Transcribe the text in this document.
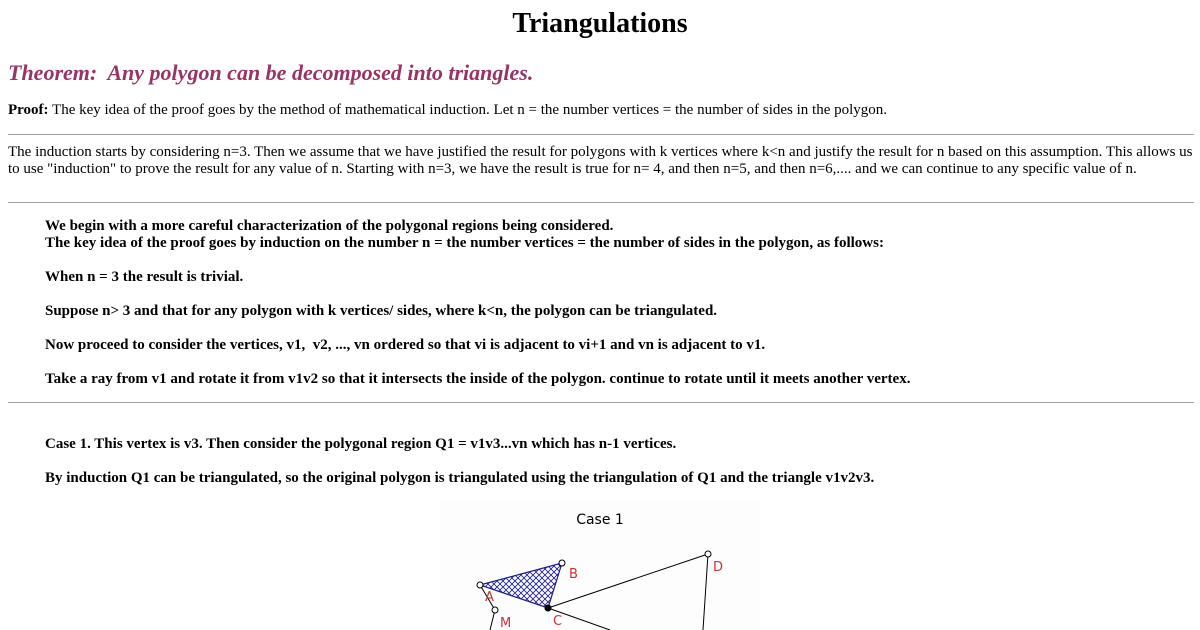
Triangulations
Theorem:  Any polygon can be decomposed into triangles.

Proof: The key idea of the proof goes by the method of mathematical induction. Let n = the number vertices = the number of sides in the polygon.

The induction starts by considering n=3. Then we assume that we have justified the result for polygons with k vertices where k<n and justify the result for n based on this assumption. This allows us to use "induction" to prove the result for any value of n. Starting with n=3, we have the result is true for n= 4, and then n=5, and then n=6,.... and we can continue to any specific value of n.

We begin with a more careful characterization of the polygonal regions being considered.

The key idea of the proof goes by induction on the number n = the number vertices = the number of sides in the polygon, as follows:

When n = 3 the result is trivial.

Suppose n> 3 and that for any polygon with k vertices/ sides, where k<n, the polygon can be triangulated.

Now proceed to consider the vertices, v1,  v2, ..., vn ordered so that vi is adjacent to vi+1 and vn is adjacent to v1.

Take a ray from v1 and rotate it from v1v2 so that it intersects the inside of the polygon. continue to rotate until it meets another vertex.

Case 1. This vertex is v3. Then consider the polygonal region Q1 = v1v3...vn which has n-1 vertices.

By induction Q1 can be triangulated, so the original polygon is triangulated using the triangulation of Q1 and the triangle v1v2v3.

Case 1
A
B
C
D
M
